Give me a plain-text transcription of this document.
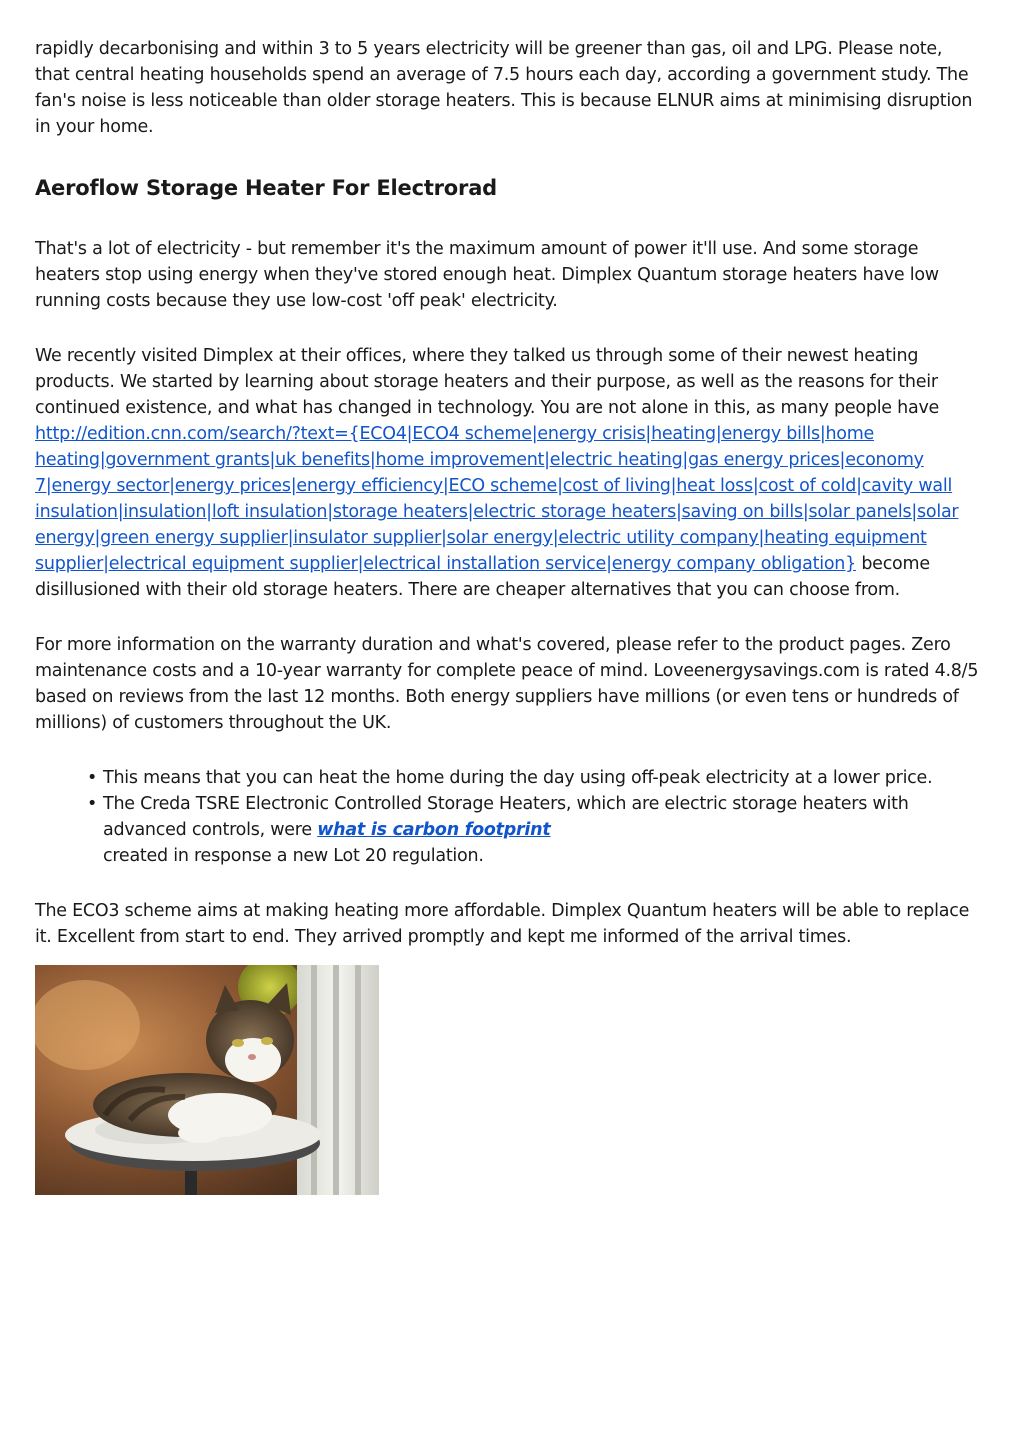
rapidly decarbonising and within 3 to 5 years electricity will be greener than gas, oil and LPG. Please note, that central heating households spend an average of 7.5 hours each day, according a government study. The fan's noise is less noticeable than older storage heaters. This is because ELNUR aims at minimising disruption in your home.

Aeroflow Storage Heater For Electrorad

That's a lot of electricity - but remember it's the maximum amount of power it'll use. And some storage heaters stop using energy when they've stored enough heat. Dimplex Quantum storage heaters have low running costs because they use low-cost 'off peak' electricity.

We recently visited Dimplex at their offices, where they talked us through some of their newest heating products. We started by learning about storage heaters and their purpose, as well as the reasons for their continued existence, and what has changed in technology. You are not alone in this, as many people have http://edition.cnn.com/search/?text={ECO4|ECO4 scheme|energy crisis|heating|energy bills|home heating|government grants|uk benefits|home improvement|electric heating|gas energy prices|economy 7|energy sector|energy prices|energy efficiency|ECO scheme|cost of living|heat loss|cost of cold|cavity wall insulation|insulation|loft insulation|storage heaters|electric storage heaters|saving on bills|solar panels|solar energy|green energy supplier|insulator supplier|solar energy|electric utility company|heating equipment supplier|electrical equipment supplier|electrical installation service|energy company obligation} become disillusioned with their old storage heaters. There are cheaper alternatives that you can choose from.

For more information on the warranty duration and what's covered, please refer to the product pages. Zero maintenance costs and a 10-year warranty for complete peace of mind. Loveenergysavings.com is rated 4.8/5 based on reviews from the last 12 months. Both energy suppliers have millions (or even tens or hundreds of millions) of customers throughout the UK.

• This means that you can heat the home during the day using off-peak electricity at a lower price.
• The Creda TSRE Electronic Controlled Storage Heaters, which are electric storage heaters with advanced controls, were what is carbon footprint
created in response a new Lot 20 regulation.

The ECO3 scheme aims at making heating more affordable. Dimplex Quantum heaters will be able to replace it. Excellent from start to end. They arrived promptly and kept me informed of the arrival times.
